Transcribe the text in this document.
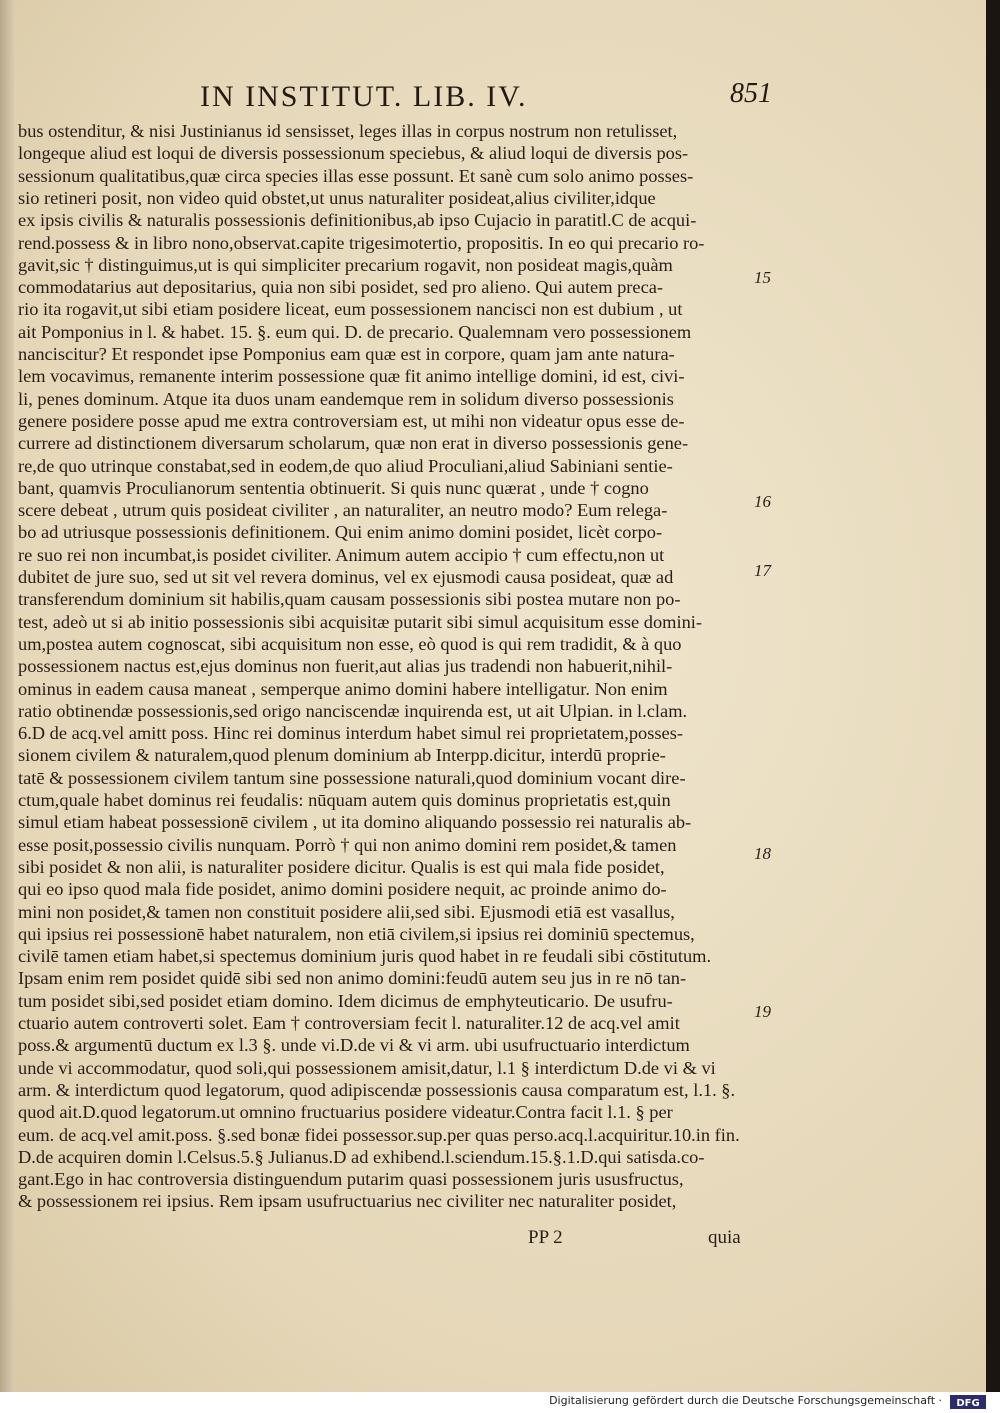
IN INSTITUT. LIB. IV.	851
bus ostenditur, & nisi Justinianus id sensisset, leges illas in corpus nostrum non retulisset,
longeque aliud est loqui de diversis possessionum speciebus, & aliud loqui de diversis pos-
sessionum qualitatibus,quæ circa species illas esse possunt. Et sanè cum solo animo posses-
sio retineri posit, non video quid obstet,ut unus naturaliter posideat,alius civiliter,idque
ex ipsis civilis & naturalis possessionis definitionibus,ab ipso Cujacio in paratitl.C de acqui-
rend.possess & in libro nono,observat.capite trigesimotertio, propositis. In eo qui precario ro-
gavit,sic † distinguimus,ut is qui simpliciter precarium rogavit, non posideat magis,quàm
commodatarius aut depositarius, quia non sibi posidet, sed pro alieno. Qui autem preca-
rio ita rogavit,ut sibi etiam posidere liceat, eum possessionem nancisci non est dubium , ut
ait Pomponius in l. & habet. 15. §. eum qui. D. de precario. Qualemnam vero possessionem
nanciscitur? Et respondet ipse Pomponius eam quæ est in corpore, quam jam ante natura-
lem vocavimus, remanente interim possessione quæ fit animo intellige domini, id est, civi-
li, penes dominum. Atque ita duos unam eandemque rem in solidum diverso possessionis
genere posidere posse apud me extra controversiam est, ut mihi non videatur opus esse de-
currere ad distinctionem diversarum scholarum, quæ non erat in diverso possessionis gene-
re,de quo utrinque constabat,sed in eodem,de quo aliud Proculiani,aliud Sabiniani sentie-
bant, quamvis Proculianorum sententia obtinuerit. Si quis nunc quærat , unde † cogno
scere debeat , utrum quis posideat civiliter , an naturaliter, an neutro modo? Eum relega-
bo ad utriusque possessionis definitionem. Qui enim animo domini posidet, licèt corpo-
re suo rei non incumbat,is posidet civiliter. Animum autem accipio † cum effectu,non ut
dubitet de jure suo, sed ut sit vel revera dominus, vel ex ejusmodi causa posideat, quæ ad
transferendum dominium sit habilis,quam causam possessionis sibi postea mutare non po-
test, adeò ut si ab initio possessionis sibi acquisitæ putarit sibi simul acquisitum esse domini-
um,postea autem cognoscat, sibi acquisitum non esse, eò quod is qui rem tradidit, & à quo
possessionem nactus est,ejus dominus non fuerit,aut alias jus tradendi non habuerit,nihil-
ominus in eadem causa maneat , semperque animo domini habere intelligatur. Non enim
ratio obtinendæ possessionis,sed origo nanciscendæ inquirenda est, ut ait Ulpian. in l.clam.
6.D de acq.vel amitt poss. Hinc rei dominus interdum habet simul rei proprietatem,posses-
sionem civilem & naturalem,quod plenum dominium ab Interpp.dicitur, interdū proprie-
tatē & possessionem civilem tantum sine possessione naturali,quod dominium vocant dire-
ctum,quale habet dominus rei feudalis: nūquam autem quis dominus proprietatis est,quin
simul etiam habeat possessionē civilem , ut ita domino aliquando possessio rei naturalis ab-
esse posit,possessio civilis nunquam. Porrò † qui non animo domini rem posidet,& tamen
sibi posidet & non alii, is naturaliter posidere dicitur. Qualis is est qui mala fide posidet,
qui eo ipso quod mala fide posidet, animo domini posidere nequit, ac proinde animo do-
mini non posidet,& tamen non constituit posidere alii,sed sibi. Ejusmodi etiā est vasallus,
qui ipsius rei possessionē habet naturalem, non etiā civilem,si ipsius rei dominiū spectemus,
civilē tamen etiam habet,si spectemus dominium juris quod habet in re feudali sibi cōstitutum.
Ipsam enim rem posidet quidē sibi sed non animo domini:feudū autem seu jus in re nō tan-
tum posidet sibi,sed posidet etiam domino. Idem dicimus de emphyteuticario. De usufru-
ctuario autem controverti solet. Eam † controversiam fecit l. naturaliter.12 de acq.vel amit
poss.& argumentū ductum ex l.3 §. unde vi.D.de vi & vi arm. ubi usufructuario interdictum
unde vi accommodatur, quod soli,qui possessionem amisit,datur, l.1 § interdictum D.de vi & vi
arm. & interdictum quod legatorum, quod adipiscendæ possessionis causa comparatum est, l.1. §.
quod ait.D.quod legatorum.ut omnino fructuarius posidere videatur.Contra facit l.1. § per
eum. de acq.vel amit.poss. §.sed bonæ fidei possessor.sup.per quas perso.acq.l.acquiritur.10.in fin.
D.de acquiren domin l.Celsus.5.§ Julianus.D ad exhibend.l.sciendum.15.§.1.D.qui satisda.co-
gant.Ego in hac controversia distinguendum putarim quasi possessionem juris ususfructus,
& possessionem rei ipsius. Rem ipsam usufructuarius nec civiliter nec naturaliter posidet,
15
16
17
18
19
PP 2	quia
Digitalisierung gefördert durch die Deutsche Forschungsgemeinschaft · DFG
